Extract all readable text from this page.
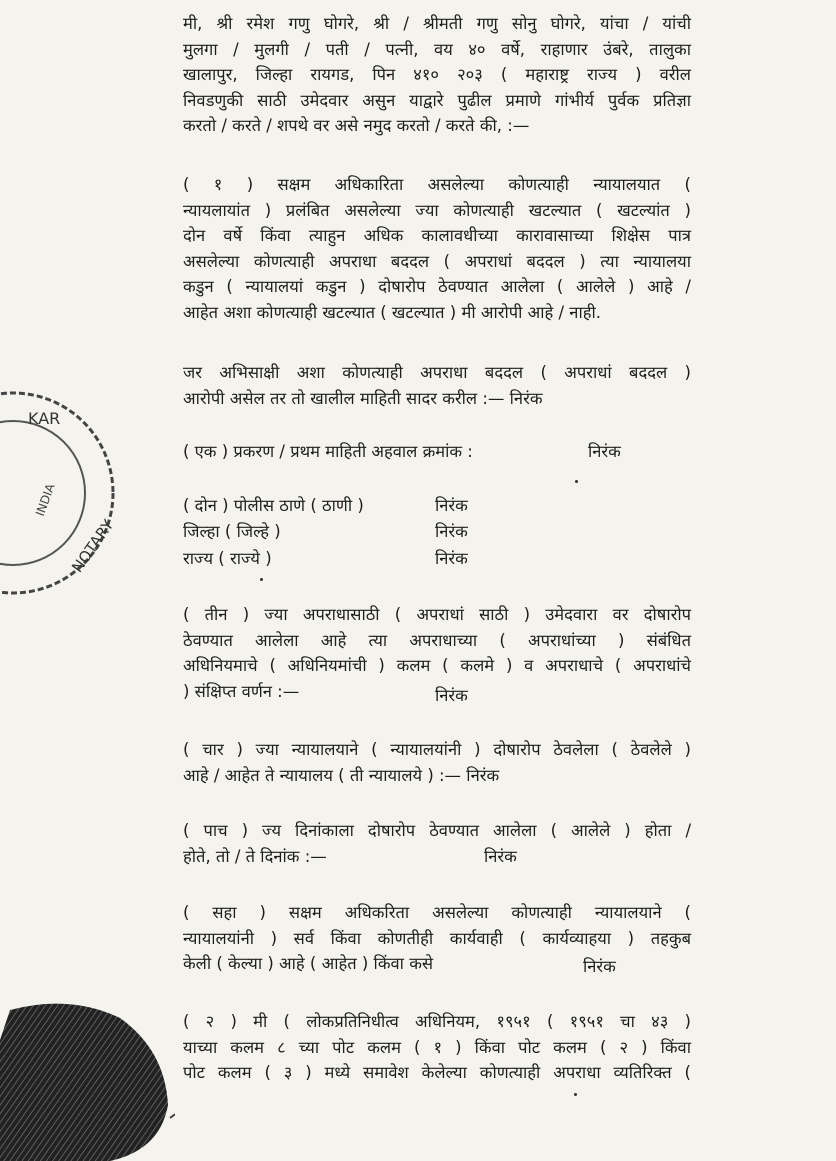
KAR
INDIA
NOTARY
मी, श्री रमेश गणु घोगरे, श्री / श्रीमती गणु सोनु घोगरे, यांचा / यांची
मुलगा / मुलगी / पती / पत्नी, वय ४० वर्षे, राहाणार उंबरे, तालुका
खालापुर, जिल्हा रायगड, पिन ४१० २०३ ( महाराष्ट्र राज्य ) वरील
निवडणुकी साठी उमेदवार असुन याद्वारे पुढील प्रमाणे गांभीर्य पुर्वक प्रतिज्ञा
करतो / करते / शपथे वर असे नमुद करतो / करते की, :—
( १ ) सक्षम अधिकारिता असलेल्या कोणत्याही न्यायालयात (
न्यायलायांत ) प्रलंबित असलेल्या ज्या कोणत्याही खटल्यात ( खटल्यांत )
दोन वर्षे किंवा त्याहुन अधिक कालावधीच्या कारावासाच्या शिक्षेस पात्र
असलेल्या कोणत्याही अपराधा बददल ( अपराधां बददल ) त्या न्यायालया
कडुन ( न्यायालयां कडुन ) दोषारोप ठेवण्यात आलेला ( आलेले ) आहे /
आहेत अशा कोणत्याही खटल्यात ( खटल्यात ) मी आरोपी आहे / नाही.
जर अभिसाक्षी अशा कोणत्याही अपराधा बददल ( अपराधां बददल )
आरोपी असेल तर तो खालील माहिती सादर करील :— निरंक
( एक ) प्रकरण / प्रथम माहिती अहवाल क्रमांक :	निरंक
( दोन ) पोलीस ठाणे ( ठाणी )	निरंक
जिल्हा ( जिल्हे )	निरंक
राज्य ( राज्ये )	निरंक
( तीन ) ज्या अपराधासाठी ( अपराधां साठी ) उमेदवारा वर दोषारोप
ठेवण्यात आलेला आहे त्या अपराधाच्या ( अपराधांच्या ) संबंधित
अधिनियमाचे ( अधिनियमांची ) कलम ( कलमे ) व अपराधाचे ( अपराधांचे
) संक्षिप्त वर्णन :—	निरंक
( चार ) ज्या न्यायालयाने ( न्यायालयांनी ) दोषारोप ठेवलेला ( ठेवलेले )
आहे / आहेत ते न्यायालय ( ती न्यायालये ) :— निरंक
( पाच ) ज्य दिनांकाला दोषारोप ठेवण्यात आलेला ( आलेले ) होता /
होते, तो / ते दिनांक :—	निरंक
( सहा ) सक्षम अधिकरिता असलेल्या कोणत्याही न्यायालयाने (
न्यायालयांनी ) सर्व किंवा कोणतीही कार्यवाही ( कार्यव्याहया ) तहकुब
केली ( केल्या ) आहे ( आहेत ) किंवा कसे	निरंक
( २ ) मी ( लोकप्रतिनिधीत्व अधिनियम, १९५१ ( १९५१ चा ४३ )
याच्या कलम ८ च्या पोट कलम ( १ ) किंवा पोट कलम ( २ ) किंवा
पोट कलम ( ३ ) मध्ये समावेश केलेल्या कोणत्याही अपराधा व्यतिरिक्त (
